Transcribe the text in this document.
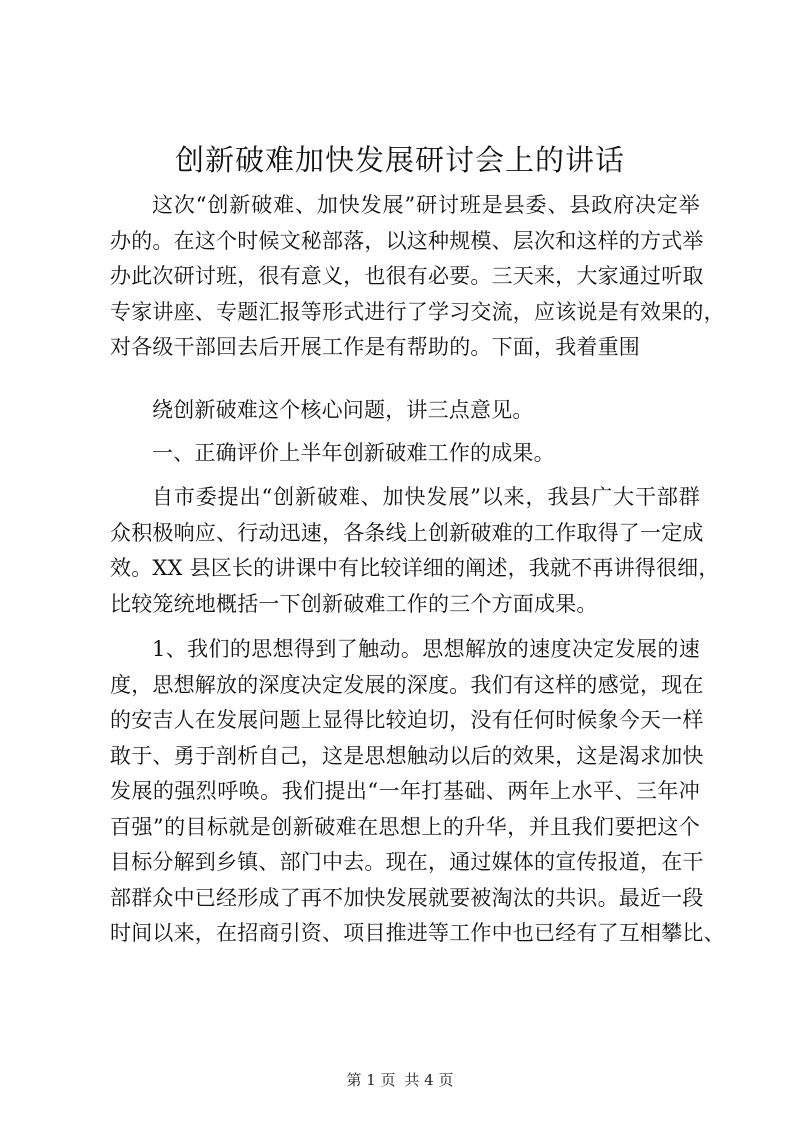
创新破难加快发展研讨会上的讲话

这次“创新破难、加快发展”研讨班是县委、县政府决定举
办的。在这个时候文秘部落，以这种规模、层次和这样的方式举
办此次研讨班，很有意义，也很有必要。三天来，大家通过听取
专家讲座、专题汇报等形式进行了学习交流，应该说是有效果的，
对各级干部回去后开展工作是有帮助的。下面，我着重围

绕创新破难这个核心问题，讲三点意见。

一、正确评价上半年创新破难工作的成果。

自市委提出“创新破难、加快发展”以来，我县广大干部群
众积极响应、行动迅速，各条线上创新破难的工作取得了一定成
效。XX 县区长的讲课中有比较详细的阐述，我就不再讲得很细，
比较笼统地概括一下创新破难工作的三个方面成果。

1、我们的思想得到了触动。思想解放的速度决定发展的速
度，思想解放的深度决定发展的深度。我们有这样的感觉，现在
的安吉人在发展问题上显得比较迫切，没有任何时候象今天一样
敢于、勇于剖析自己，这是思想触动以后的效果，这是渴求加快
发展的强烈呼唤。我们提出“一年打基础、两年上水平、三年冲
百强”的目标就是创新破难在思想上的升华，并且我们要把这个
目标分解到乡镇、部门中去。现在，通过媒体的宣传报道，在干
部群众中已经形成了再不加快发展就要被淘汰的共识。最近一段
时间以来，在招商引资、项目推进等工作中也已经有了互相攀比、

第 1 页 共 4 页
